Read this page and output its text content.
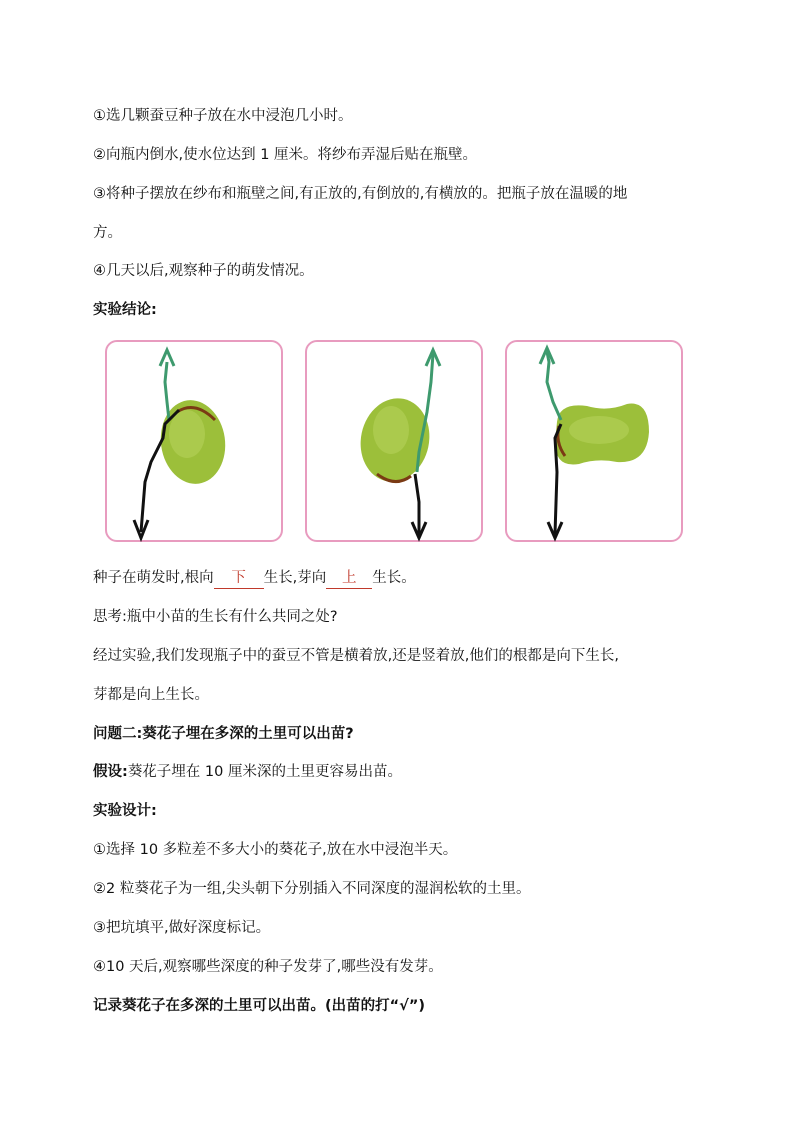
①选几颗蚕豆种子放在水中浸泡几小时。
②向瓶内倒水,使水位达到 1 厘米。将纱布弄湿后贴在瓶壁。
③将种子摆放在纱布和瓶壁之间,有正放的,有倒放的,有横放的。把瓶子放在温暖的地
方。
④几天以后,观察种子的萌发情况。
实验结论:
种子在萌发时,根向 下 生长,芽向 上 生长。
思考:瓶中小苗的生长有什么共同之处?
经过实验,我们发现瓶子中的蚕豆不管是横着放,还是竖着放,他们的根都是向下生长,
芽都是向上生长。
问题二:葵花子埋在多深的土里可以出苗?
假设:葵花子埋在 10 厘米深的土里更容易出苗。
实验设计:
①选择 10 多粒差不多大小的葵花子,放在水中浸泡半天。
②2 粒葵花子为一组,尖头朝下分别插入不同深度的湿润松软的土里。
③把坑填平,做好深度标记。
④10 天后,观察哪些深度的种子发芽了,哪些没有发芽。
记录葵花子在多深的土里可以出苗。(出苗的打“√”)
